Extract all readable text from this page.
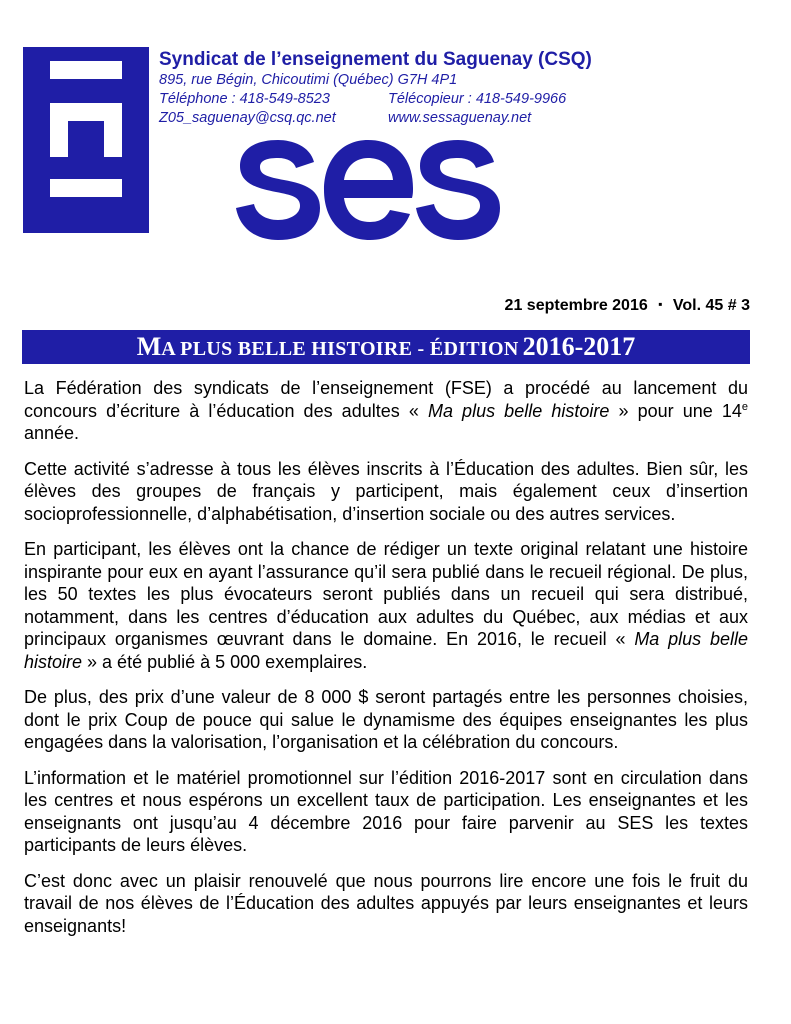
Syndicat de l’enseignement du Saguenay (CSQ)
895, rue Bégin, Chicoutimi (Québec) G7H 4P1
Téléphone : 418-549-8523	Télécopieur : 418-549-9966
Z05_saguenay@csq.qc.net	www.sessaguenay.net
21 septembre 2016 ▪ Vol. 45 # 3
MA PLUS BELLE HISTOIRE - ÉDITION 2016-2017

La Fédération des syndicats de l’enseignement (FSE) a procédé au lancement du concours d’écriture à l’éducation des adultes « Ma plus belle histoire » pour une 14e année.

Cette activité s’adresse à tous les élèves inscrits à l’Éducation des adultes. Bien sûr, les élèves des groupes de français y participent, mais également ceux d’insertion socioprofessionnelle, d’alphabétisation, d’insertion sociale ou des autres services.

En participant, les élèves ont la chance de rédiger un texte original relatant une histoire inspirante pour eux en ayant l’assurance qu’il sera publié dans le recueil régional. De plus, les 50 textes les plus évocateurs seront publiés dans un recueil qui sera distribué, notamment, dans les centres d’éducation aux adultes du Québec, aux médias et aux principaux organismes œuvrant dans le domaine. En 2016, le recueil « Ma plus belle histoire » a été publié à 5 000 exemplaires.

De plus, des prix d’une valeur de 8 000 $ seront partagés entre les personnes choisies, dont le prix Coup de pouce qui salue le dynamisme des équipes enseignantes les plus engagées dans la valorisation, l’organisation et la célébration du concours.

L’information et le matériel promotionnel sur l’édition 2016-2017 sont en circulation dans les centres et nous espérons un excellent taux de participation. Les enseignantes et les enseignants ont jusqu’au 4 décembre 2016 pour faire parvenir au SES les textes participants de leurs élèves.

C’est donc avec un plaisir renouvelé que nous pourrons lire encore une fois le fruit du travail de nos élèves de l’Éducation des adultes appuyés par leurs enseignantes et leurs enseignants!
